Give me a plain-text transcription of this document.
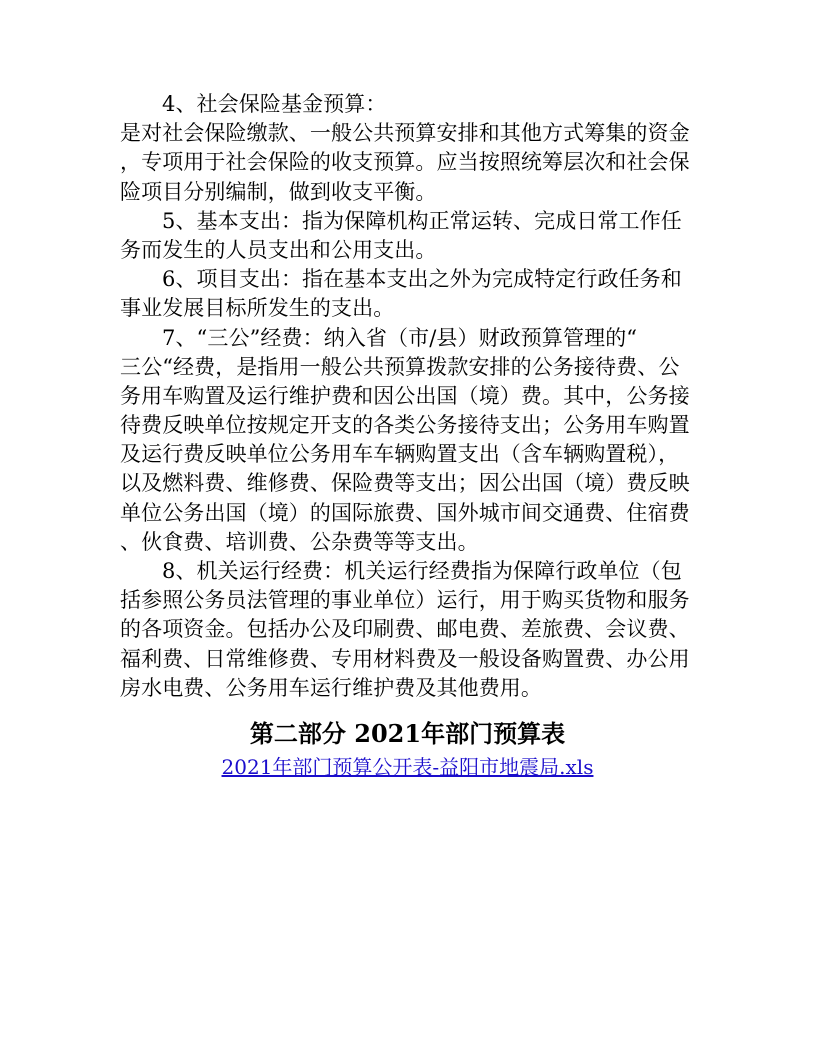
4、社会保险基金预算：
是对社会保险缴款、一般公共预算安排和其他方式筹集的资金
，专项用于社会保险的收支预算。应当按照统筹层次和社会保
险项目分别编制，做到收支平衡。
5、基本支出：指为保障机构正常运转、完成日常工作任
务而发生的人员支出和公用支出。
6、项目支出：指在基本支出之外为完成特定行政任务和
事业发展目标所发生的支出。
7、“三公”经费：纳入省（市/县）财政预算管理的“
三公“经费，是指用一般公共预算拨款安排的公务接待费、公
务用车购置及运行维护费和因公出国（境）费。其中，公务接
待费反映单位按规定开支的各类公务接待支出；公务用车购置
及运行费反映单位公务用车车辆购置支出（含车辆购置税），
以及燃料费、维修费、保险费等支出；因公出国（境）费反映
单位公务出国（境）的国际旅费、国外城市间交通费、住宿费
、伙食费、培训费、公杂费等等支出。
8、机关运行经费：机关运行经费指为保障行政单位（包
括参照公务员法管理的事业单位）运行，用于购买货物和服务
的各项资金。包括办公及印刷费、邮电费、差旅费、会议费、
福利费、日常维修费、专用材料费及一般设备购置费、办公用
房水电费、公务用车运行维护费及其他费用。
第二部分 2021年部门预算表
2021年部门预算公开表-益阳市地震局.xls
